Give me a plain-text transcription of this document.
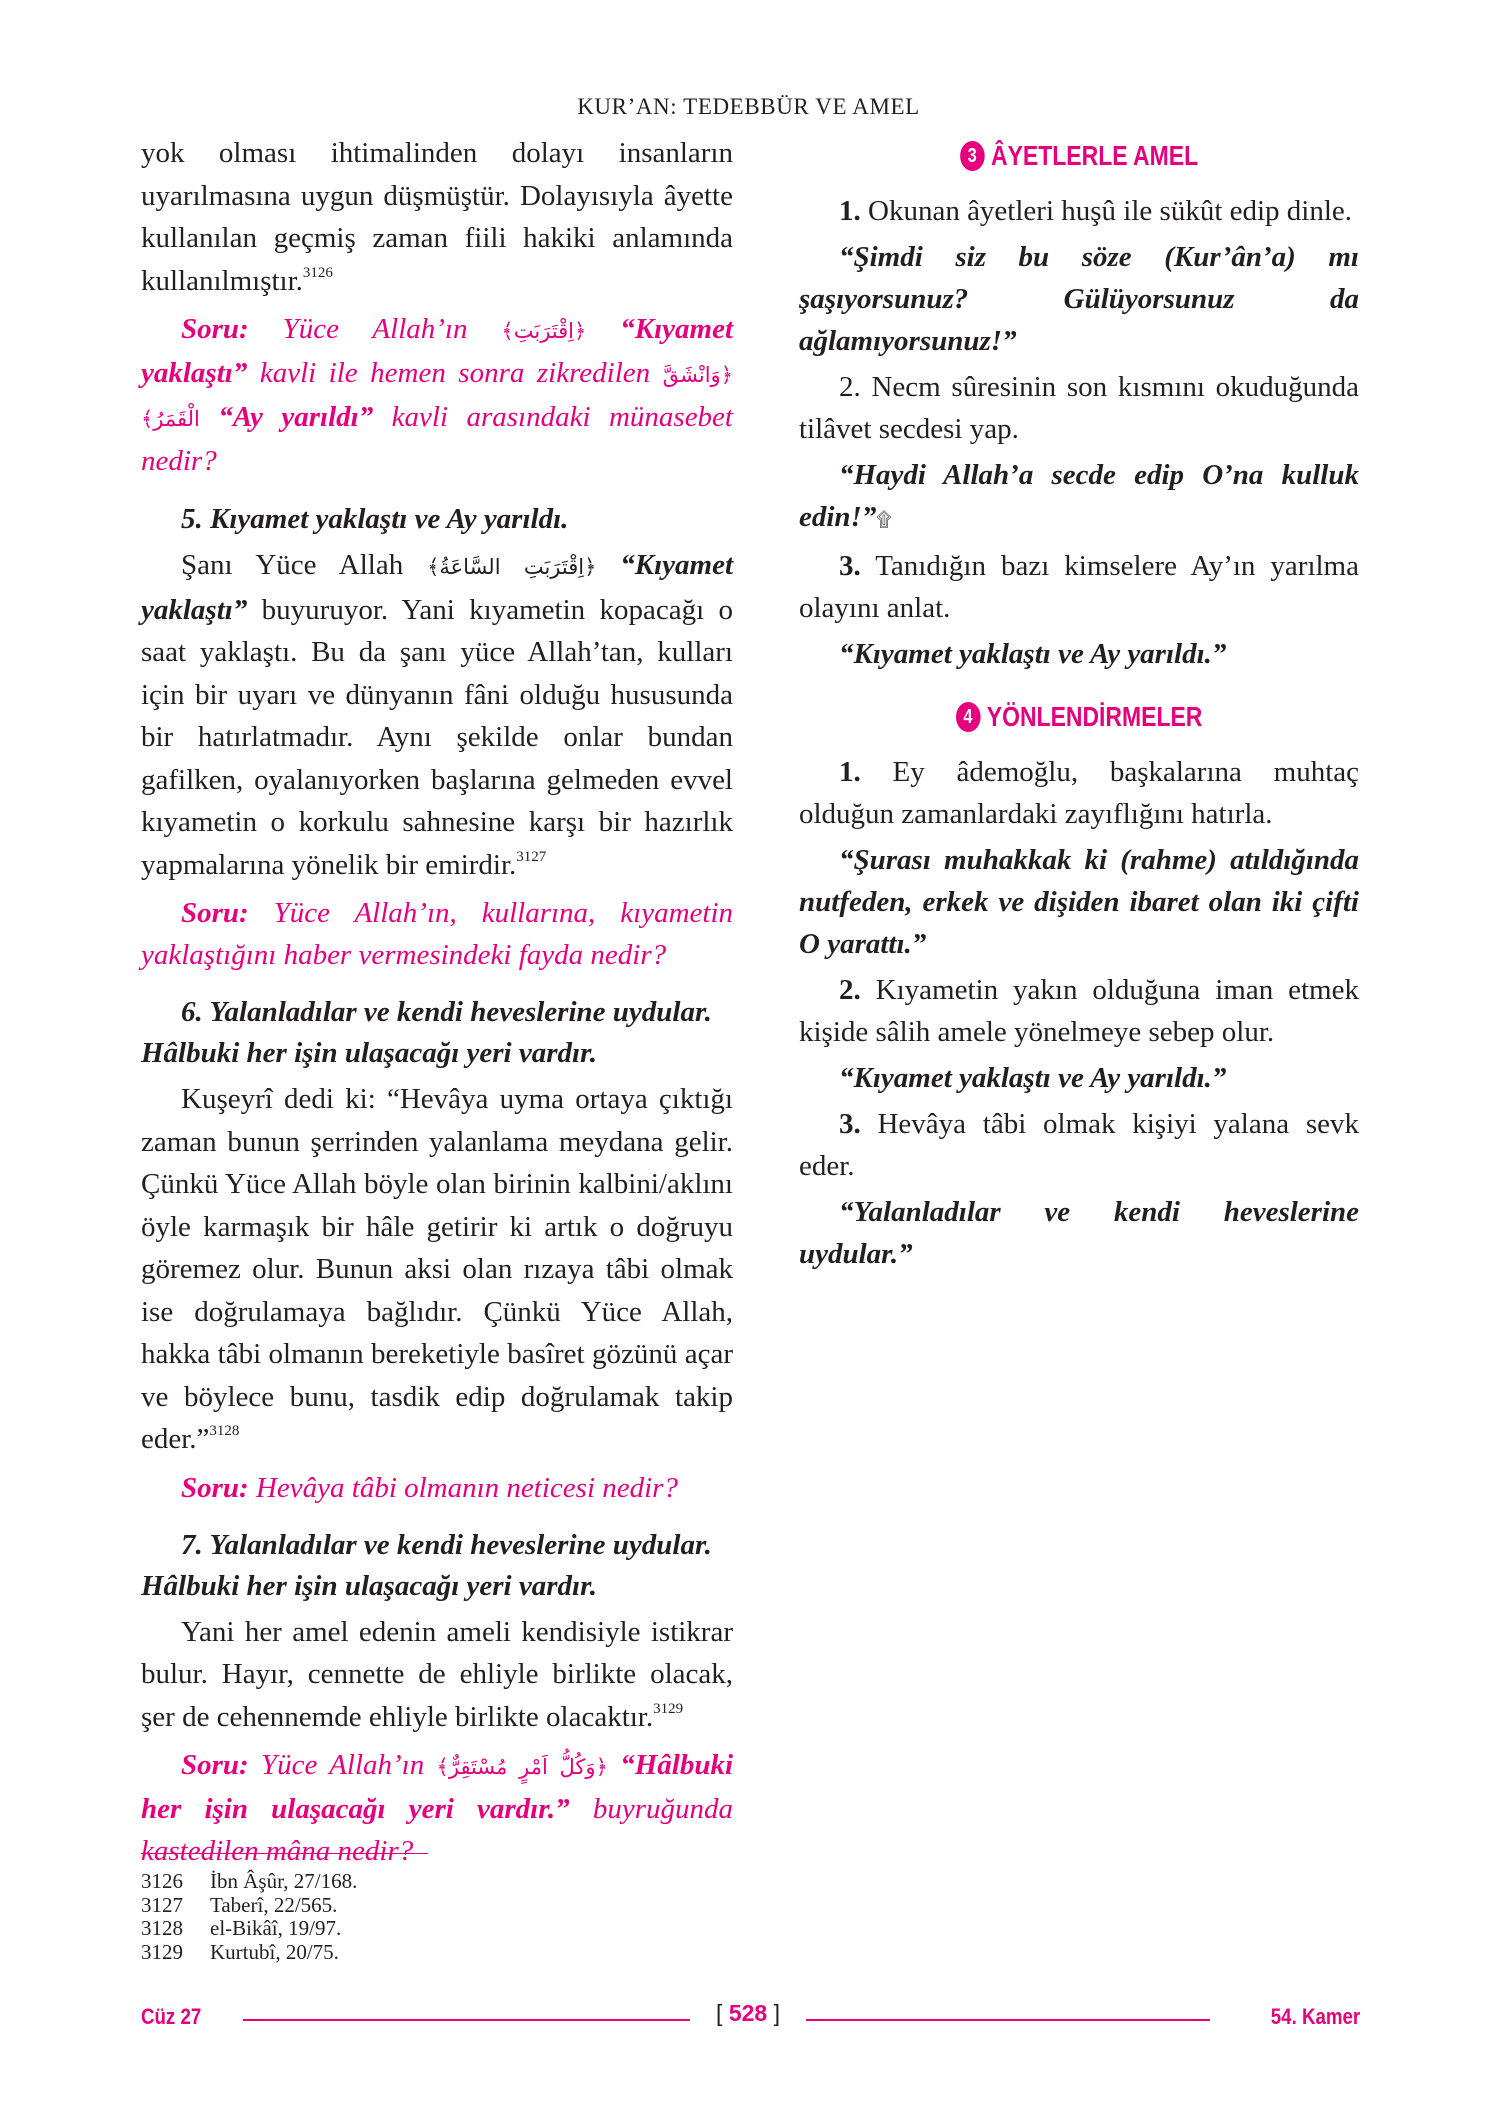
KUR’AN: TEDEBBÜR VE AMEL

yok olması ihtimalinden dolayı insanların uyarılmasına uygun düşmüştür. Dolayısıyla âyette kullanılan geçmiş zaman fiili hakiki anlamında kullanılmıştır.$^{3126}$

Soru: Yüce Allah’ın ﴿اِقْتَرَبَتِ﴾ “Kıyamet yaklaştı” kavli ile hemen sonra zikredilen ﴿وَانْشَقَّ الْقَمَرُ﴾ “Ay yarıldı” kavli arasındaki münasebet nedir?

5. Kıyamet yaklaştı ve Ay yarıldı.

Şanı Yüce Allah ﴿اِقْتَرَبَتِ السَّاعَةُ﴾ “Kıyamet yaklaştı” buyuruyor. Yani kıyametin kopacağı o saat yaklaştı. Bu da şanı yüce Allah’tan, kulları için bir uyarı ve dünyanın fâni olduğu hususunda bir hatırlatmadır. Aynı şekilde onlar bundan gafilken, oyalanıyorken başlarına gelmeden evvel kıyametin o korkulu sahnesine karşı bir hazırlık yapmalarına yönelik bir emirdir.$^{3127}$

Soru: Yüce Allah’ın, kullarına, kıyametin yaklaştığını haber vermesindeki fayda nedir?

6. Yalanladılar ve kendi heveslerine uydular. Hâlbuki her işin ulaşacağı yeri vardır.

Kuşeyrî dedi ki: “Hevâya uyma ortaya çıktığı zaman bunun şerrinden yalanlama meydana gelir. Çünkü Yüce Allah böyle olan birinin kalbini/aklını öyle karmaşık bir hâle getirir ki artık o doğruyu göremez olur. Bunun aksi olan rızaya tâbi olmak ise doğrulamaya bağlıdır. Çünkü Yüce Allah, hakka tâbi olmanın bereketiyle basîret gözünü açar ve böylece bunu, tasdik edip doğrulamak takip eder.”$^{3128}$

Soru: Hevâya tâbi olmanın neticesi nedir?

7. Yalanladılar ve kendi heveslerine uydular. Hâlbuki her işin ulaşacağı yeri vardır.

Yani her amel edenin ameli kendisiyle istikrar bulur. Hayır, cennette de ehliyle birlikte olacak, şer de cehennemde ehliyle birlikte olacaktır.$^{3129}$

Soru: Yüce Allah’ın ﴿وَكُلُّ اَمْرٍ مُسْتَقِرٌّ﴾ “Hâlbuki her işin ulaşacağı yeri vardır.” buyruğunda kastedilen mâna nedir?

3 ÂYETLERLE AMEL

1. Okunan âyetleri huşû ile sükût edip dinle.

“Şimdi siz bu söze (Kur’ân’a) mı şaşıyorsunuz? Gülüyorsunuz da ağlamıyorsunuz!”

2. Necm sûresinin son kısmını okuduğunda tilâvet secdesi yap.

“Haydi Allah’a secde edip O’na kulluk edin!”۩

3. Tanıdığın bazı kimselere Ay’ın yarılma olayını anlat.

“Kıyamet yaklaştı ve Ay yarıldı.”

4 YÖNLENDİRMELER

1. Ey âdemoğlu, başkalarına muhtaç olduğun zamanlardaki zayıflığını hatırla.

“Şurası muhakkak ki (rahme) atıldığında nutfeden, erkek ve dişiden ibaret olan iki çifti O yarattı.”

2. Kıyametin yakın olduğuna iman etmek kişide sâlih amele yönelmeye sebep olur.

“Kıyamet yaklaştı ve Ay yarıldı.”

3. Hevâya tâbi olmak kişiyi yalana sevk eder.

“Yalanladılar ve kendi heveslerine uydular.”

3126	İbn Âşûr, 27/168.
3127	Taberî, 22/565.
3128	el-Bikâî, 19/97.
3129	Kurtubî, 20/75.
Cüz 27	[ 528 ]	54. Kamer
